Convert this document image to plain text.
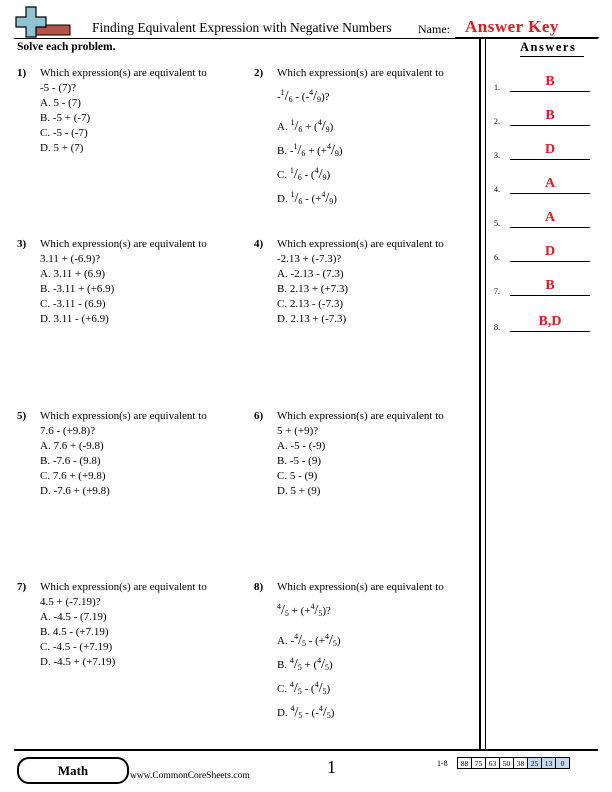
Finding Equivalent Expression with Negative Numbers Name: Answer Key
Solve each problem.	Answers
1.	B
2.	B
3.	D
4.	A
5.	A
6.	D
7.	B
8.	B,D
1) Which expression(s) are equivalent to
-5 - (7)?
A. 5 - (7)
B. -5 + (-7)
C. -5 - (-7)
D. 5 + (7)
2) Which expression(s) are equivalent to
-$^1$/6 - (-$^4$/9)?
A. $^1$/6 + ($^4$/9)
B. -$^1$/6 + (+$^4$/9)
C. $^1$/6 - ($^4$/9)
D. $^1$/6 - (+$^4$/9)
3) Which expression(s) are equivalent to
3.11 + (-6.9)?
A. 3.11 + (6.9)
B. -3.11 + (+6.9)
C. -3.11 - (6.9)
D. 3.11 - (+6.9)
4) Which expression(s) are equivalent to
-2.13 + (-7.3)?
A. -2.13 - (7.3)
B. 2.13 + (+7.3)
C. 2.13 - (-7.3)
D. 2.13 + (-7.3)
5) Which expression(s) are equivalent to
7.6 - (+9.8)?
A. 7.6 + (-9.8)
B. -7.6 - (9.8)
C. 7.6 + (+9.8)
D. -7.6 + (+9.8)
6) Which expression(s) are equivalent to
5 + (+9)?
A. -5 - (-9)
B. -5 - (9)
C. 5 - (9)
D. 5 + (9)
7) Which expression(s) are equivalent to
4.5 + (-7.19)?
A. -4.5 - (7.19)
B. 4.5 - (+7.19)
C. -4.5 - (+7.19)
D. -4.5 + (+7.19)
8) Which expression(s) are equivalent to
$^4$/5 + (+$^4$/5)?
A. -$^4$/5 - (+$^4$/5)
B. $^4$/5 + ($^4$/5)
C. $^4$/5 - ($^4$/5)
D. $^4$/5 - (-$^4$/5)
Math	www.CommonCoreSheets.com	1	1-8 88	75	63	50	38	25	13	0
